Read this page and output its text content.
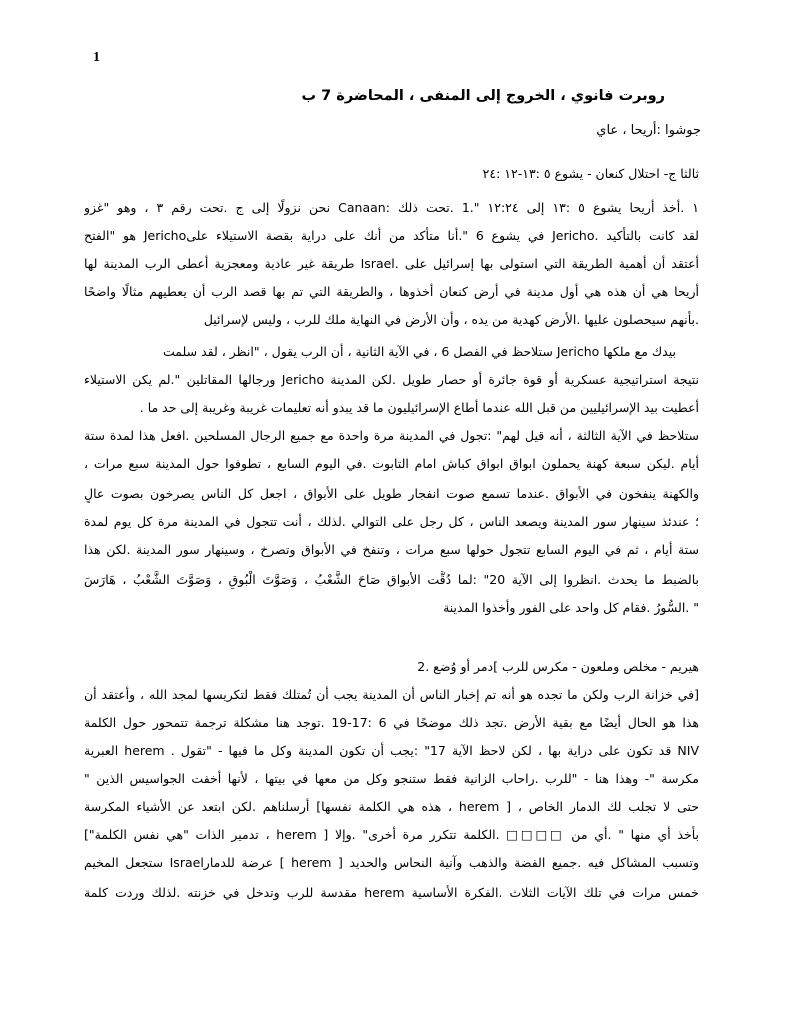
1
روبرت فانوي ، الخروج إلى المنفى ، المحاضرة 7 ب
جوشوا :أريحا ، عاي
ثالثا ج- احتلال كنعان - يشوع ٥ :١٣-١٢ :٢٤
١ .أخذ أريحا يشوع ٥ :١٣ إلى ١٢:٢٤ ".1 .تحت ذلك :Canaan نحن نزولًا إلى ج .تحت رقم ٣ ، وهو "غزو
لقد كانت بالتأكيد .Jericho في يشوع 6 ".أنا متأكد من أنك على دراية بقصة الاستيلاء علىJericho هو "الفتح
أعتقد أن أهمية الطريقة التي استولى بها إسرائيل على .Israel طريقة غير عادية ومعجزية أعطى الرب المدينة لها
أريحا هي أن هذه هي أول مدينة في أرض كنعان أخذوها ، والطريقة التي تم بها قصد الرب أن يعطيهم مثالًا واضحًا
.بأنهم سيحصلون عليها .الأرض كهدية من يده ، وأن الأرض في النهاية ملك للرب ، وليس لإسرائيل
بيدك مع ملكها Jericho ستلاحظ في الفصل 6 ، في الآية الثانية ، أن الرب يقول ، "انظر ، لقد سلمت
نتيجة استراتيجية عسكرية أو قوة جائرة أو حصار طويل .لكن المدينة Jericho ورجالها المقاتلين ".لم يكن الاستيلاء
أعطيت بيد الإسرائيليين من قبل الله عندما أطاع الإسرائيليون ما قد يبدو أنه تعليمات غريبة وغريبة إلى حد ما .
ستلاحظ في الآية الثالثة ، أنه قيل لهم" :تجول في المدينة مرة واحدة مع جميع الرجال المسلحين .افعل هذا لمدة ستة
أيام .ليكن سبعة كهنة يحملون ابواق ابواق كباش امام التابوت .في اليوم السابع ، تطوفوا حول المدينة سبع مرات ،
والكهنة ينفخون في الأبواق .عندما تسمع صوت انفجار طويل على الأبواق ، اجعل كل الناس يصرخون بصوت عالٍ
؛ عندئذ سينهار سور المدينة ويصعد الناس ، كل رجل على التوالي .لذلك ، أنت تتجول في المدينة مرة كل يوم لمدة
ستة أيام ، ثم في اليوم السابع تتجول حولها سبع مرات ، وتنفخ في الأبواق وتصرخ ، وسينهار سور المدينة .لكن هذا
بالضبط ما يحدث .انظروا إلى الآية 20" :لما دُقَّت الأبواق صَاحَ الشَّعْبُ ، وَصَوَّتَ الْبُوقِ ، وَصَوَّتَ الشَّعْبُ ، هَارَسَ
" .السُّورُ .فقام كل واحد على الفور وأخذوا المدينة
هيريم - مخلص وملعون - مكرس للرب ]دمر أو وُضع .2
[في خزانة الرب ولكن ما تجده هو أنه تم إخبار الناس أن المدينة يجب أن تُمتلك فقط لتكريسها لمجد الله ، وأعتقد أن
هذا هو الحال أيضًا مع بقية الأرض .تجد ذلك موضحًا في 6 :17-19 .توجد هنا مشكلة ترجمة تتمحور حول الكلمة
NIV قد تكون على دراية بها ، لكن لاحظ الآية 17" :يجب أن تكون المدينة وكل ما فيها - "تقول . herem العبرية
مكرسة "- وهذا هنا - "للرب .راحاب الزانية فقط ستنجو وكل من معها في بيتها ، لأنها أخفت الجواسيس الذين "
حتى لا تجلب لك الدمار الخاص ، [ herem ، هذه هي الكلمة نفسها] أرسلناهم .لكن ابتعد عن الأشياء المكرسة
بأخذ أي منها " .أي من □□□□ .الكلمة تتكرر مرة أخرى" .وإلا [ herem ، تدمير الذات "هي نفس الكلمة"]
وتسبب المشاكل فيه .جميع الفضة والذهب وآنية النحاس والحديد [ herem ] عرضة للدمارIsrael ستجعل المخيم
خمس مرات في تلك الآيات الثلاث .الفكرة الأساسية herem مقدسة للرب وتدخل في خزنته .لذلك وردت كلمة
